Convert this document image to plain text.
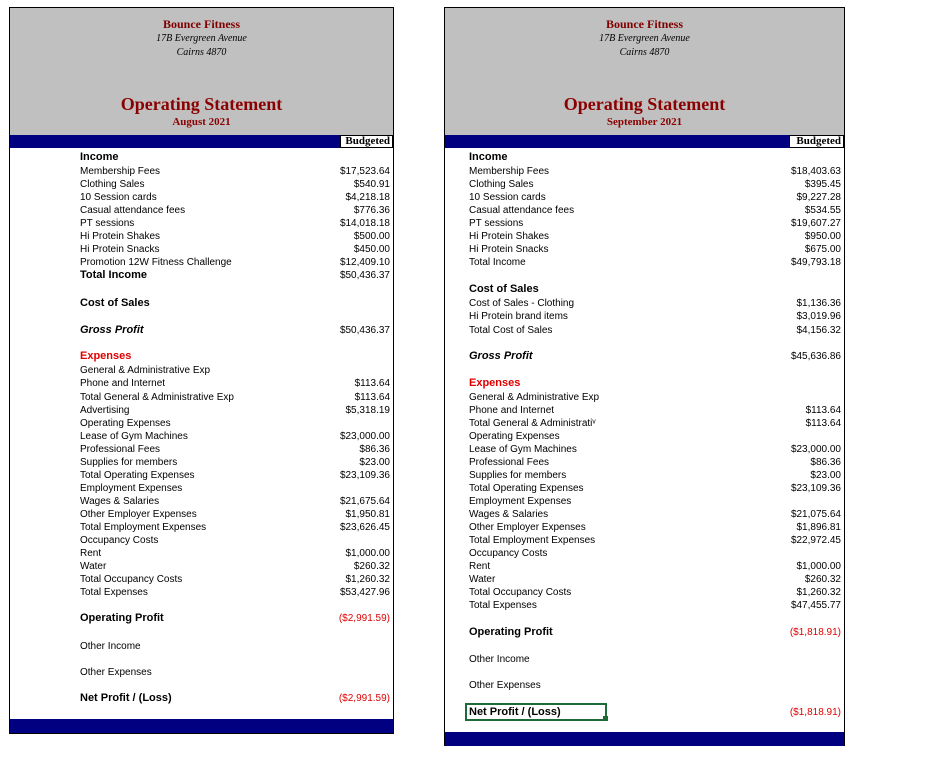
Bounce Fitness
17B Evergreen Avenue
Cairns 4870
Operating Statement
August 2021
Budgeted
Income
Membership Fees	$17,523.64
Clothing Sales	$540.91
10 Session cards	$4,218.18
Casual attendance fees	$776.36
PT sessions	$14,018.18
Hi Protein Shakes	$500.00
Hi Protein Snacks	$450.00
Promotion 12W Fitness Challenge	$12,409.10
Total Income	$50,436.37
Cost of Sales
Gross Profit	$50,436.37
Expenses
General & Administrative Exp
Phone and Internet	$113.64
Total General & Administrative Exp	$113.64
Advertising	$5,318.19
Operating Expenses
Lease of Gym Machines	$23,000.00
Professional Fees	$86.36
Supplies for members	$23.00
Total Operating Expenses	$23,109.36
Employment Expenses
Wages & Salaries	$21,675.64
Other Employer Expenses	$1,950.81
Total Employment Expenses	$23,626.45
Occupancy Costs
Rent	$1,000.00
Water	$260.32
Total Occupancy Costs	$1,260.32
Total Expenses	$53,427.96
Operating Profit	($2,991.59)
Other Income
Other Expenses
Net Profit / (Loss)	($2,991.59)
Bounce Fitness
17B Evergreen Avenue
Cairns 4870
Operating Statement
September 2021
Budgeted
Income
Membership Fees	$18,403.63
Clothing Sales	$395.45
10 Session cards	$9,227.28
Casual attendance fees	$534.55
PT sessions	$19,607.27
Hi Protein Shakes	$950.00
Hi Protein Snacks	$675.00
Total Income	$49,793.18
Cost of Sales
Cost of Sales - Clothing	$1,136.36
Hi Protein brand items	$3,019.96
Total Cost of Sales	$4,156.32
Gross Profit	$45,636.86
Expenses
General & Administrative Exp
Phone and Internet	$113.64
Total General & Administratiᵛ	$113.64
Operating Expenses
Lease of Gym Machines	$23,000.00
Professional Fees	$86.36
Supplies for members	$23.00
Total Operating Expenses	$23,109.36
Employment Expenses
Wages & Salaries	$21,075.64
Other Employer Expenses	$1,896.81
Total Employment Expenses	$22,972.45
Occupancy Costs
Rent	$1,000.00
Water	$260.32
Total Occupancy Costs	$1,260.32
Total Expenses	$47,455.77
Operating Profit	($1,818.91)
Other Income
Other Expenses
Net Profit / (Loss)	($1,818.91)
